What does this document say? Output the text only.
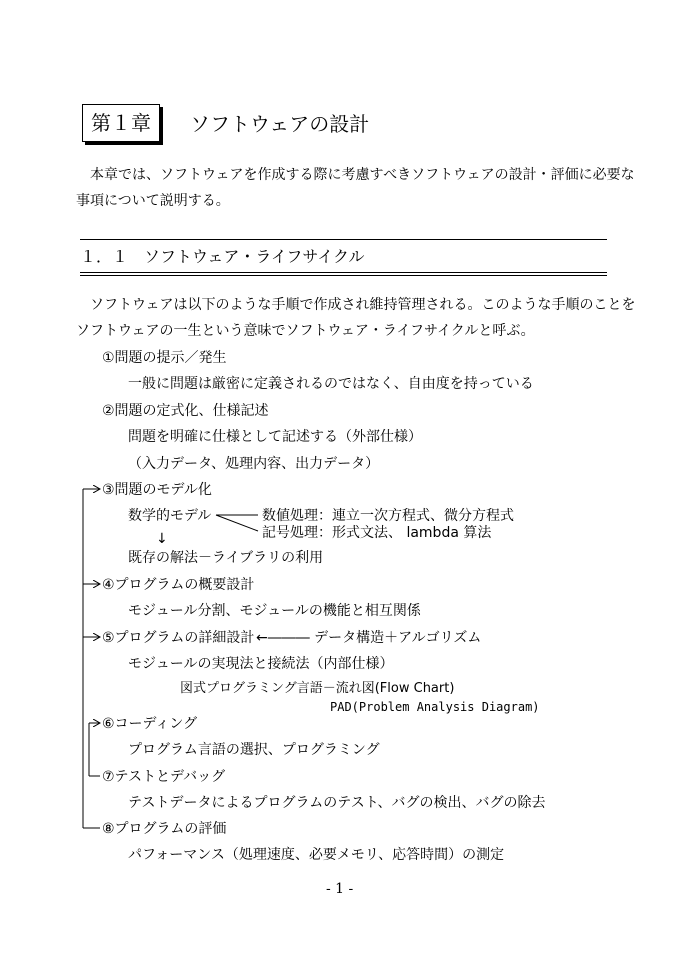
第１章	ソフトウェアの設計
本章では、ソフトウェアを作成する際に考慮すべきソフトウェアの設計・評価に必要な
事項について説明する。
１．１　ソフトウェア・ライフサイクル
ソフトウェアは以下のような手順で作成され維持管理される。このような手順のことを
ソフトウェアの一生という意味でソフトウェア・ライフサイクルと呼ぶ。
①問題の提示／発生
一般に問題は厳密に定義されるのではなく、自由度を持っている
②問題の定式化、仕様記述
問題を明確に仕様として記述する（外部仕様）
（入力データ、処理内容、出力データ）
③問題のモデル化
数学的モデル	数値処理：連立一次方程式、微分方程式
記号処理：形式文法、 lambda 算法
↓
既存の解法－ライブラリの利用
④プログラムの概要設計
モジュール分割、モジュールの機能と相互関係
⑤プログラムの詳細設計 ←――― データ構造＋アルゴリズム
モジュールの実現法と接続法（内部仕様）
図式プログラミング言語－流れ図(Flow Chart)
PAD(Problem Analysis Diagram)
⑥コーディング
プログラム言語の選択、プログラミング
⑦テストとデバッグ
テストデータによるプログラムのテスト、バグの検出、バグの除去
⑧プログラムの評価
パフォーマンス（処理速度、必要メモリ、応答時間）の測定
- 1 -
